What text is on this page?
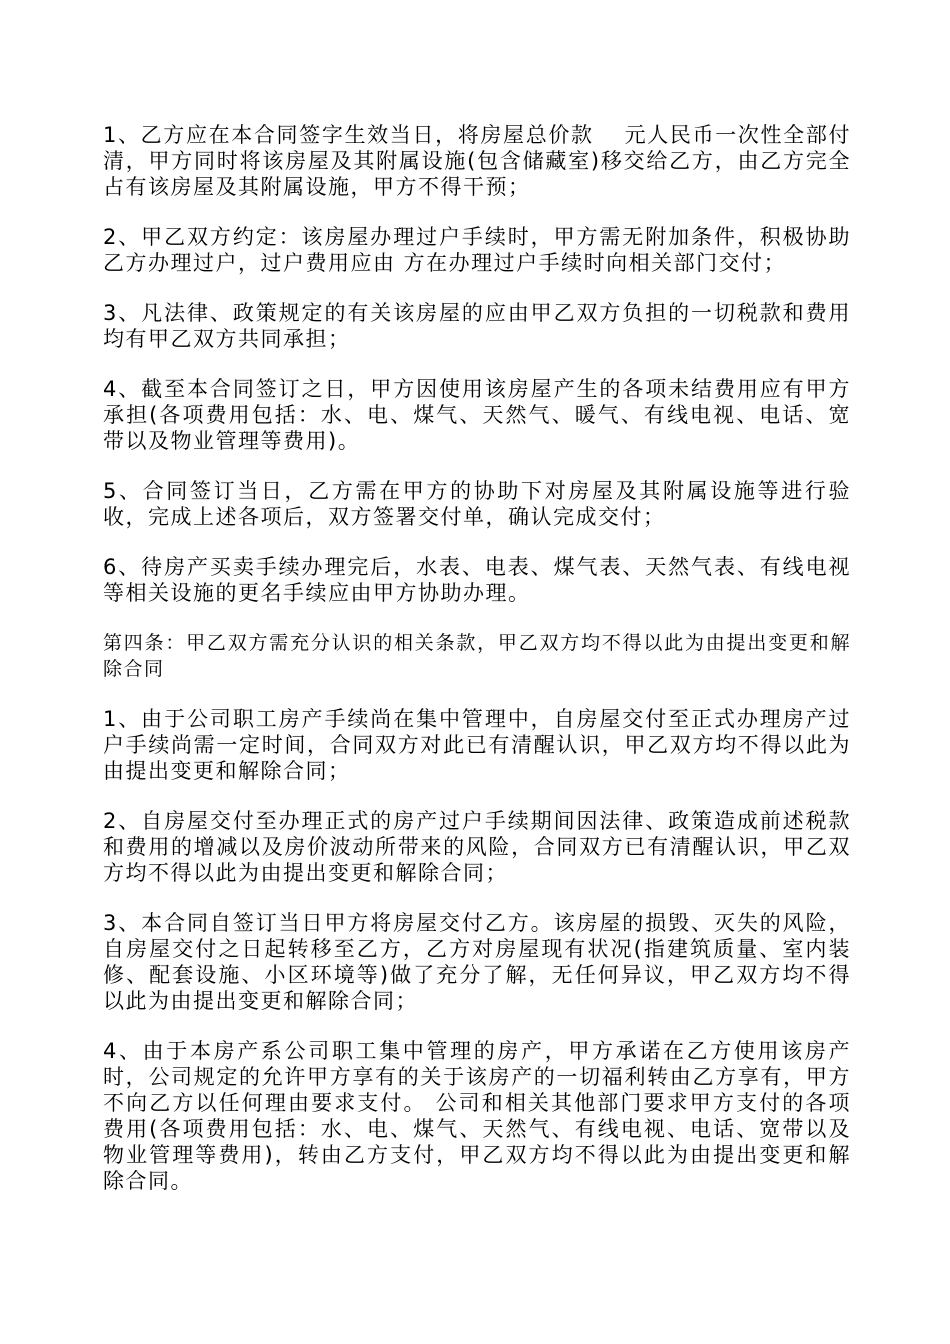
1、乙方应在本合同签字生效当日，将房屋总价款　 元人民币一次性全部付清，甲方同时将该房屋及其附属设施(包含储藏室)移交给乙方，由乙方完全占有该房屋及其附属设施，甲方不得干预；

2、甲乙双方约定：该房屋办理过户手续时，甲方需无附加条件，积极协助乙方办理过户，过户费用应由 方在办理过户手续时向相关部门交付；

3、凡法律、政策规定的有关该房屋的应由甲乙双方负担的一切税款和费用均有甲乙双方共同承担；

4、截至本合同签订之日，甲方因使用该房屋产生的各项未结费用应有甲方承担(各项费用包括：水、电、煤气、天然气、暖气、有线电视、电话、宽带以及物业管理等费用)。

5、合同签订当日，乙方需在甲方的协助下对房屋及其附属设施等进行验收，完成上述各项后，双方签署交付单，确认完成交付；

6、待房产买卖手续办理完后，水表、电表、煤气表、天然气表、有线电视等相关设施的更名手续应由甲方协助办理。

第四条：甲乙双方需充分认识的相关条款，甲乙双方均不得以此为由提出变更和解除合同

1、由于公司职工房产手续尚在集中管理中，自房屋交付至正式办理房产过户手续尚需一定时间，合同双方对此已有清醒认识，甲乙双方均不得以此为由提出变更和解除合同；

2、自房屋交付至办理正式的房产过户手续期间因法律、政策造成前述税款和费用的增减以及房价波动所带来的风险，合同双方已有清醒认识，甲乙双方均不得以此为由提出变更和解除合同；

3、本合同自签订当日甲方将房屋交付乙方。该房屋的损毁、灭失的风险，自房屋交付之日起转移至乙方，乙方对房屋现有状况(指建筑质量、室内装修、配套设施、小区环境等)做了充分了解，无任何异议，甲乙双方均不得以此为由提出变更和解除合同；

4、由于本房产系公司职工集中管理的房产，甲方承诺在乙方使用该房产时，公司规定的允许甲方享有的关于该房产的一切福利转由乙方享有，甲方不向乙方以任何理由要求支付。 公司和相关其他部门要求甲方支付的各项费用(各项费用包括：水、电、煤气、天然气、有线电视、电话、宽带以及物业管理等费用)，转由乙方支付，甲乙双方均不得以此为由提出变更和解除合同。
